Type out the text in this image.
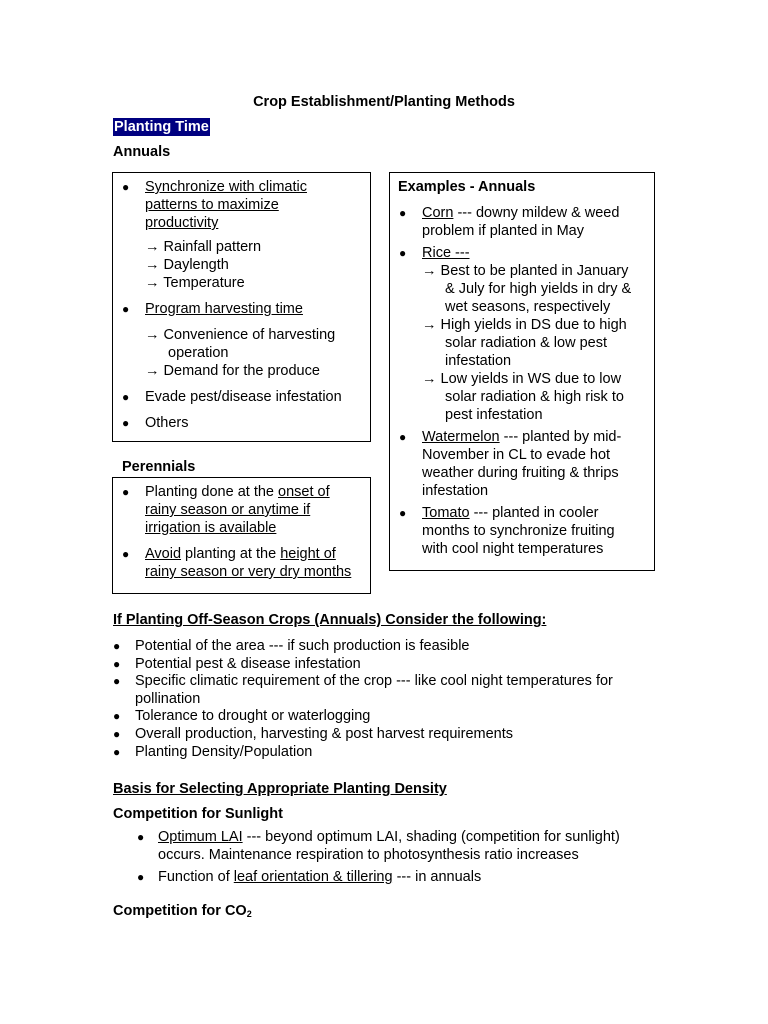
Crop Establishment/Planting Methods
Planting Time
Annuals
● Synchronize with climatic patterns to maximize productivity
→ Rainfall pattern
→ Daylength
→ Temperature
● Program harvesting time
→ Convenience of harvesting
operation
→ Demand for the produce
● Evade pest/disease infestation
● Others
Perennials
● Planting done at the onset of rainy season or anytime if irrigation is available
● Avoid planting at the height of rainy season or very dry months
Examples - Annuals
● Corn --- downy mildew & weed problem if planted in May
● Rice ---
→ Best to be planted in January
& July for high yields in dry &
wet seasons, respectively
→ High yields in DS due to high
solar radiation & low pest
infestation
→ Low yields in WS due to low
solar radiation & high risk to
pest infestation
● Watermelon --- planted by mid-November in CL to evade hot weather during fruiting & thrips infestation
● Tomato --- planted in cooler months to synchronize fruiting with cool night temperatures
If Planting Off-Season Crops (Annuals) Consider the following:
● Potential of the area --- if such production is feasible
● Potential pest & disease infestation
● Specific climatic requirement of the crop --- like cool night temperatures for pollination
● Tolerance to drought or waterlogging
● Overall production, harvesting & post harvest requirements
● Planting Density/Population
Basis for Selecting Appropriate Planting Density
Competition for Sunlight
● Optimum LAI --- beyond optimum LAI, shading (competition for sunlight) occurs. Maintenance respiration to photosynthesis ratio increases
● Function of leaf orientation & tillering --- in annuals
Competition for $CO_2$
